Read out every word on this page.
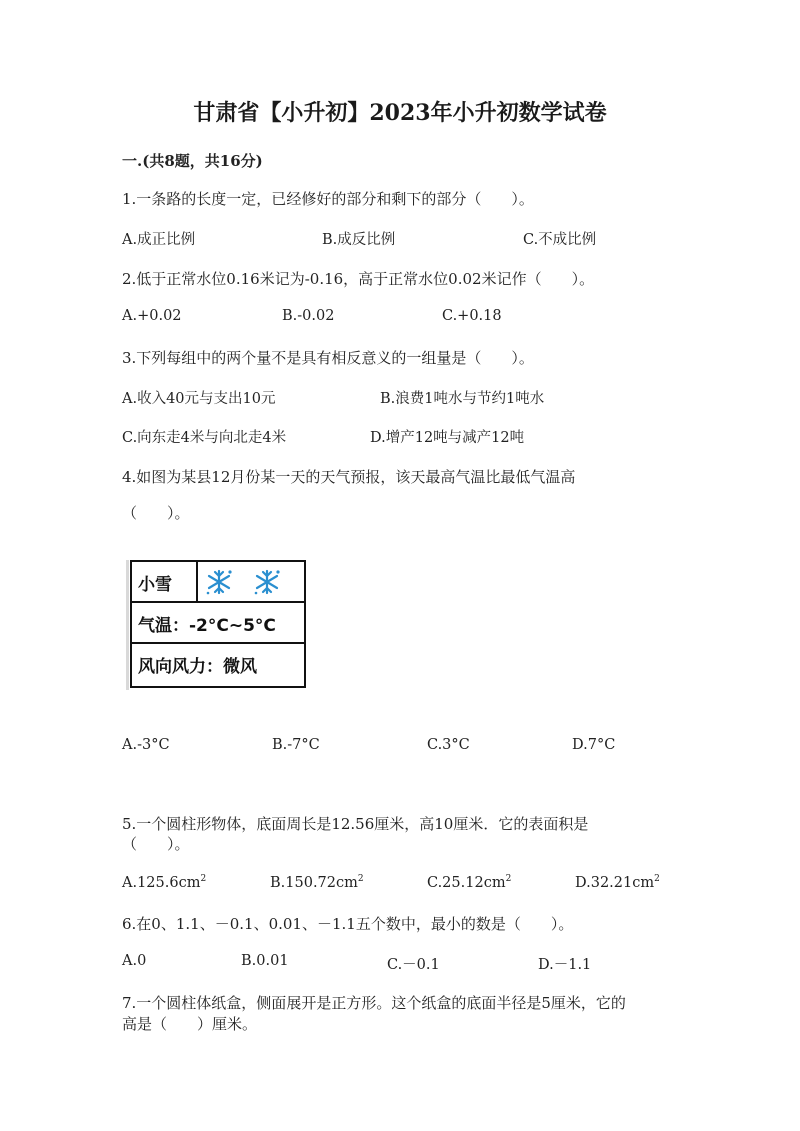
甘肃省【小升初】2023年小升初数学试卷
一.(共8题，共16分)
1.一条路的长度一定，已经修好的部分和剩下的部分（　　）。
A.成正比例	B.成反比例	C.不成比例
2.低于正常水位0.16米记为-0.16，高于正常水位0.02米记作（　　）。
A.+0.02	B.-0.02	C.+0.18
3.下列每组中的两个量不是具有相反意义的一组量是（　　）。
A.收入40元与支出10元	B.浪费1吨水与节约1吨水
C.向东走4米与向北走4米	D.增产12吨与减产12吨
4.如图为某县12月份某一天的天气预报，该天最高气温比最低气温高
（　　）。
小雪
气温：-2°C~5°C
风向风力：微风
A.-3°C	B.-7°C	C.3°C	D.7°C
5.一个圆柱形物体，底面周长是12.56厘米，高10厘米．它的表面积是
（　　）。
$A.125.6cm^2$	$B.150.72cm^2$	$C.25.12cm^2$	$D.32.21cm^2$
6.在0、1.1、－0.1、0.01、－1.1五个数中，最小的数是（　　）。
A.0	B.0.01	C.－0.1	D.－1.1
7.一个圆柱体纸盒，侧面展开是正方形。这个纸盒的底面半径是5厘米，它的
高是（　　）厘米。
